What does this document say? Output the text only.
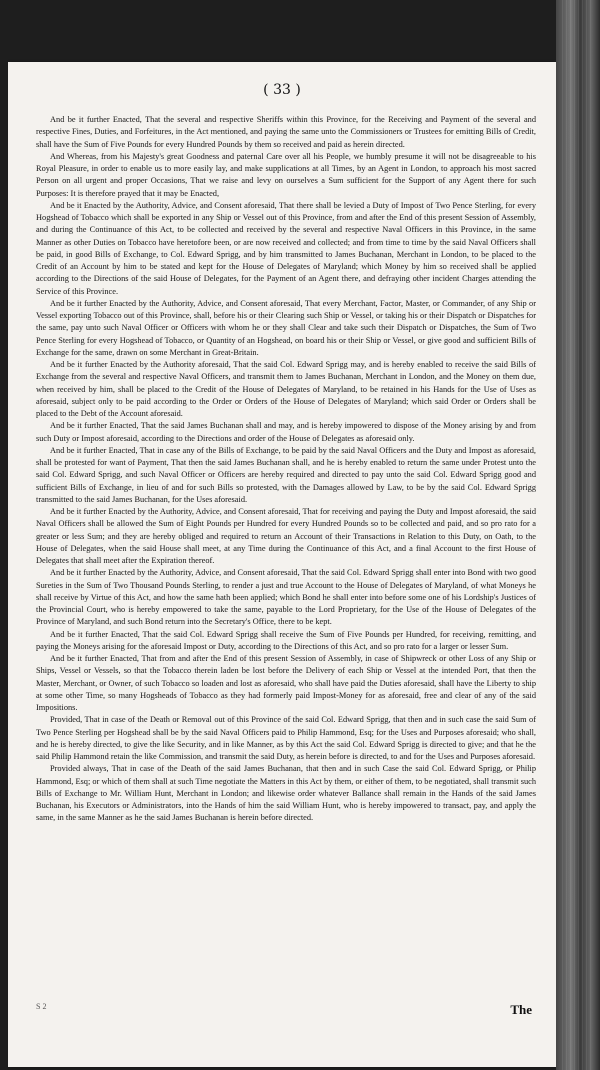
( 33 )

And be it further Enacted, That the several and respective Sheriffs within this Province, for the Receiving and Payment of the several and respective Fines, Duties, and Forfeitures, in the Act mentioned, and paying the same unto the Commissioners or Trustees for emitting Bills of Credit, shall have the Sum of Five Pounds for every Hundred Pounds by them so received and paid as herein directed.

And Whereas, from his Majesty's great Goodness and paternal Care over all his People, we humbly presume it will not be disagreeable to his Royal Pleasure, in order to enable us to more easily lay, and make supplications at all Times, by an Agent in London, to approach his most sacred Person on all urgent and proper Occasions, That we raise and levy on ourselves a Sum sufficient for the Support of any Agent there for such Purposes: It is therefore prayed that it may be Enacted,

And be it Enacted by the Authority, Advice, and Consent aforesaid, That there shall be levied a Duty of Impost of Two Pence Sterling, for every Hogshead of Tobacco which shall be exported in any Ship or Vessel out of this Province, from and after the End of this present Session of Assembly, and during the Continuance of this Act, to be collected and received by the several and respective Naval Officers in this Province, in the same Manner as other Duties on Tobacco have heretofore been, or are now received and collected; and from time to time by the said Naval Officers shall be paid, in good Bills of Exchange, to Col. Edward Sprigg, and by him transmitted to James Buchanan, Merchant in London, to be placed to the Credit of an Account by him to be stated and kept for the House of Delegates of Maryland; which Money by him so received shall be applied according to the Directions of the said House of Delegates, for the Payment of an Agent there, and defraying other incident Charges attending the Service of this Province.

And be it further Enacted by the Authority, Advice, and Consent aforesaid, That every Merchant, Factor, Master, or Commander, of any Ship or Vessel exporting Tobacco out of this Province, shall, before his or their Clearing such Ship or Vessel, or taking his or their Dispatch or Dispatches for the same, pay unto such Naval Officer or Officers with whom he or they shall Clear and take such their Dispatch or Dispatches, the Sum of Two Pence Sterling for every Hogshead of Tobacco, or Quantity of an Hogshead, on board his or their Ship or Vessel, or give good and sufficient Bills of Exchange for the same, drawn on some Merchant in Great-Britain.

And be it further Enacted by the Authority aforesaid, That the said Col. Edward Sprigg may, and is hereby enabled to receive the said Bills of Exchange from the several and respective Naval Officers, and transmit them to James Buchanan, Merchant in London, and the Money on them due, when received by him, shall be placed to the Credit of the House of Delegates of Maryland, to be retained in his Hands for the Use of Uses as aforesaid, subject only to be paid according to the Order or Orders of the House of Delegates of Maryland; which said Order or Orders shall be placed to the Debt of the Account aforesaid.

And be it further Enacted, That the said James Buchanan shall and may, and is hereby impowered to dispose of the Money arising by and from such Duty or Impost aforesaid, according to the Directions and order of the House of Delegates as aforesaid only.

And be it further Enacted, That in case any of the Bills of Exchange, to be paid by the said Naval Officers and the Duty and Impost as aforesaid, shall be protested for want of Payment, That then the said James Buchanan shall, and he is hereby enabled to return the same under Protest unto the said Col. Edward Sprigg, and such Naval Officer or Officers are hereby required and directed to pay unto the said Col. Edward Sprigg good and sufficient Bills of Exchange, in lieu of and for such Bills so protested, with the Damages allowed by Law, to be by the said Col. Edward Sprigg transmitted to the said James Buchanan, for the Uses aforesaid.

And be it further Enacted by the Authority, Advice, and Consent aforesaid, That for receiving and paying the Duty and Impost aforesaid, the said Naval Officers shall be allowed the Sum of Eight Pounds per Hundred for every Hundred Pounds so to be collected and paid, and so pro rato for a greater or less Sum; and they are hereby obliged and required to return an Account of their Transactions in Relation to this Duty, on Oath, to the House of Delegates, when the said House shall meet, at any Time during the Continuance of this Act, and a final Account to the first House of Delegates that shall meet after the Expiration thereof.

And be it further Enacted by the Authority, Advice, and Consent aforesaid, That the said Col. Edward Sprigg shall enter into Bond with two good Sureties in the Sum of Two Thousand Pounds Sterling, to render a just and true Account to the House of Delegates of Maryland, of what Moneys he shall receive by Virtue of this Act, and how the same hath been applied; which Bond he shall enter into before some one of his Lordship's Justices of the Provincial Court, who is hereby empowered to take the same, payable to the Lord Proprietary, for the Use of the House of Delegates of the Province of Maryland, and such Bond return into the Secretary's Office, there to be kept.

And be it further Enacted, That the said Col. Edward Sprigg shall receive the Sum of Five Pounds per Hundred, for receiving, remitting, and paying the Moneys arising for the aforesaid Impost or Duty, according to the Directions of this Act, and so pro rato for a larger or lesser Sum.

And be it further Enacted, That from and after the End of this present Session of Assembly, in case of Shipwreck or other Loss of any Ship or Ships, Vessel or Vessels, so that the Tobacco therein laden be lost before the Delivery of each Ship or Vessel at the intended Port, that then the Master, Merchant, or Owner, of such Tobacco so loaden and lost as aforesaid, who shall have paid the Duties aforesaid, shall have the Liberty to ship at some other Time, so many Hogsheads of Tobacco as they had formerly paid Impost-Money for as aforesaid, free and clear of any of the said Impositions.

Provided, That in case of the Death or Removal out of this Province of the said Col. Edward Sprigg, that then and in such case the said Sum of Two Pence Sterling per Hogshead shall be by the said Naval Officers paid to Philip Hammond, Esq; for the Uses and Purposes aforesaid; who shall, and he is hereby directed, to give the like Security, and in like Manner, as by this Act the said Col. Edward Sprigg is directed to give; and that he the said Philip Hammond retain the like Commission, and transmit the said Duty, as herein before is directed, to and for the Uses and Purposes aforesaid.

Provided always, That in case of the Death of the said James Buchanan, that then and in such Case the said Col. Edward Sprigg, or Philip Hammond, Esq; or which of them shall at such Time negotiate the Matters in this Act by them, or either of them, to be negotiated, shall transmit such Bills of Exchange to Mr. William Hunt, Merchant in London; and likewise order whatever Ballance shall remain in the Hands of the said James Buchanan, his Executors or Administrators, into the Hands of him the said William Hunt, who is hereby impowered to transact, pay, and apply the same, in the same Manner as he the said James Buchanan is herein before directed.

S 2	The
